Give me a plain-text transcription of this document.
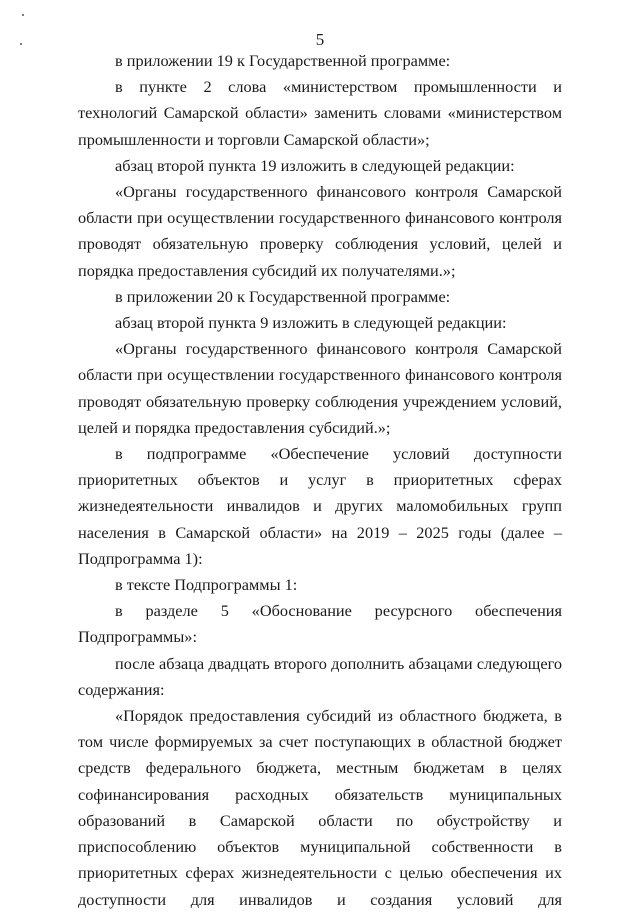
5

в приложении 19 к Государственной программе:

в пункте 2 слова «министерством промышленности и технологий Самарской области» заменить словами «министерством промышленности и торговли Самарской области»;

абзац второй пункта 19 изложить в следующей редакции:

«Органы государственного финансового контроля Самарской области при осуществлении государственного финансового контроля проводят обязательную проверку соблюдения условий, целей и порядка предоставления субсидий их получателями.»;

в приложении 20 к Государственной программе:

абзац второй пункта 9 изложить в следующей редакции:

«Органы государственного финансового контроля Самарской области при осуществлении государственного финансового контроля проводят обязательную проверку соблюдения учреждением условий, целей и порядка предоставления субсидий.»;

в подпрограмме «Обеспечение условий доступности приоритетных объектов и услуг в приоритетных сферах жизнедеятельности инвалидов и других маломобильных групп населения в Самарской области» на 2019 – 2025 годы (далее – Подпрограмма 1):

в тексте Подпрограммы 1:

в разделе 5 «Обоснование ресурсного обеспечения Подпрограммы»:

после абзаца двадцать второго дополнить абзацами следующего содержания:

«Порядок предоставления субсидий из областного бюджета, в том числе формируемых за счет поступающих в областной бюджет средств федерального бюджета, местным бюджетам в целях софинансирования расходных обязательств муниципальных образований в Самарской области по обустройству и приспособлению объектов муниципальной собственности в приоритетных сферах жизнедеятельности с целью обеспечения их доступности для инвалидов и создания условий для
